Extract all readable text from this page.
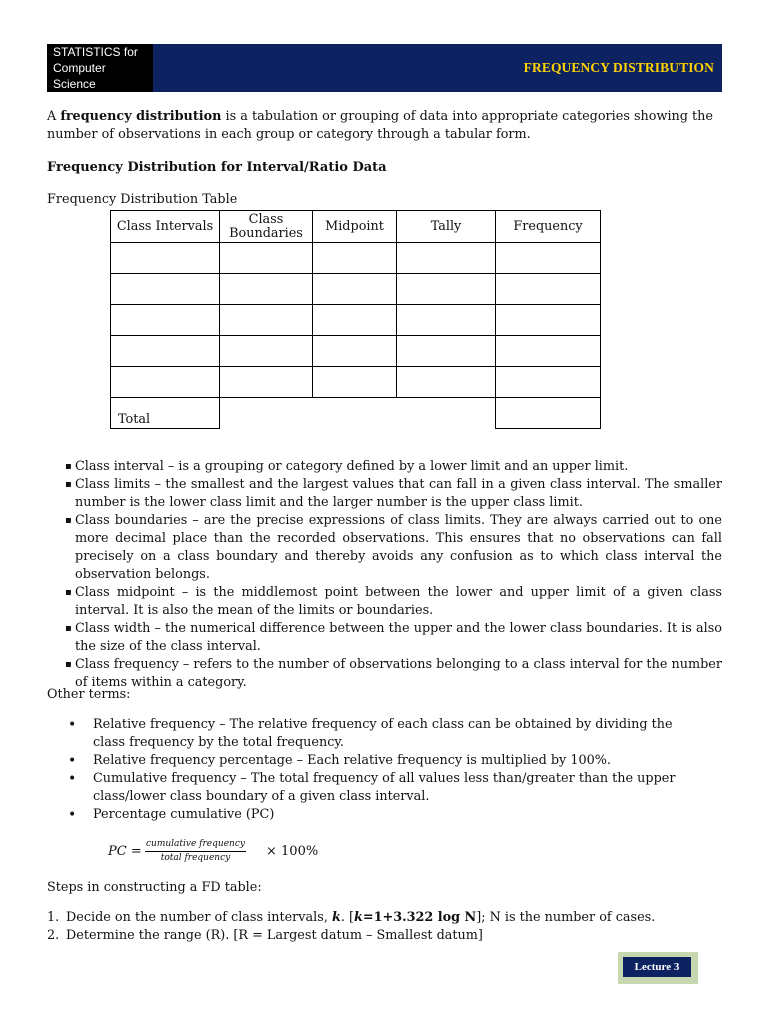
STATISTICS for
Computer
Science
FREQUENCY DISTRIBUTION

A frequency distribution is a tabulation or grouping of data into appropriate categories showing the number of observations in each group or category through a tabular form.

Frequency Distribution for Interval/Ratio Data
Frequency Distribution Table
Class Intervals	Class Boundaries	Midpoint	Tally	Frequency

Total				
▪ Class interval – is a grouping or category defined by a lower limit and an upper limit.
▪ Class limits – the smallest and the largest values that can fall in a given class interval. The smaller number is the lower class limit and the larger number is the upper class limit.
▪ Class boundaries – are the precise expressions of class limits. They are always carried out to one more decimal place than the recorded observations. This ensures that no observations can fall precisely on a class boundary and thereby avoids any confusion as to which class interval the observation belongs.
▪ Class midpoint – is the middlemost point between the lower and upper limit of a given class interval. It is also the mean of the limits or boundaries.
▪ Class width – the numerical difference between the upper and the lower class boundaries. It is also the size of the class interval.
▪ Class frequency – refers to the number of observations belonging to a class interval for the number of items within a category.
Other terms:
• Relative frequency – The relative frequency of each class can be obtained by dividing the class frequency by the total frequency.
• Relative frequency percentage – Each relative frequency is multiplied by 100%.
• Cumulative frequency – The total frequency of all values less than/greater than the upper class/lower class boundary of a given class interval.
• Percentage cumulative (PC)
PC = cumulative frequency
total frequency	× 100%
Steps in constructing a FD table:
1. Decide on the number of class intervals, k. [k=1+3.322 log N]; N is the number of cases.
2. Determine the range (R). [R = Largest datum – Smallest datum]
Lecture 3
